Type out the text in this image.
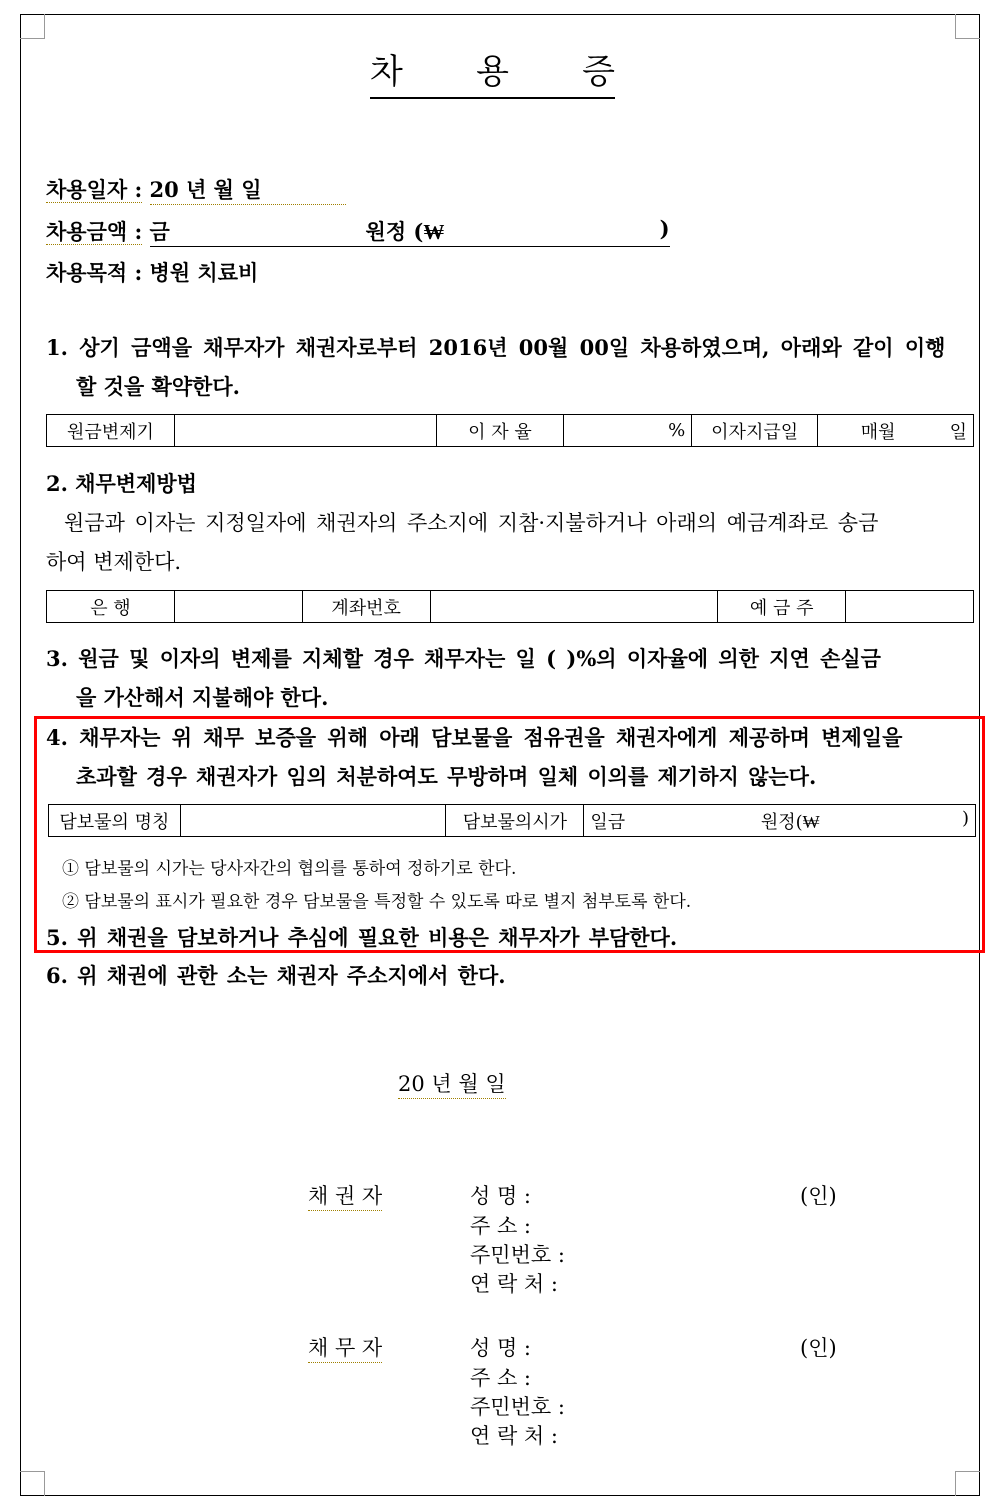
차 용 증
차용일자 : 20 년 월 일
차용금액 : 금	원정 (₩	)
차용목적 : 병원 치료비
1. 상기 금액을 채무자가 채권자로부터 2016년 00월 00일 차용하였으며, 아래와 같이 이행
할 것을 확약한다.
원금변제기		이 자 율	%	이자지급일	매월	일
2. 채무변제방법
원금과 이자는 지정일자에 채권자의 주소지에 지참·지불하거나 아래의 예금계좌로 송금
하여 변제한다.
은 행		계좌번호		예 금 주	
3. 원금 및 이자의 변제를 지체할 경우 채무자는 일 ( )%의 이자율에 의한 지연 손실금
을 가산해서 지불해야 한다.
4. 채무자는 위 채무 보증을 위해 아래 담보물을 점유권을 채권자에게 제공하며 변제일을
초과할 경우 채권자가 임의 처분하여도 무방하며 일체 이의를 제기하지 않는다.
담보물의 명칭		담보물의시가	일금	원정(₩	)
① 담보물의 시가는 당사자간의 협의를 통하여 정하기로 한다.
② 담보물의 표시가 필요한 경우 담보물을 특정할 수 있도록 따로 별지 첨부토록 한다.
5. 위 채권을 담보하거나 추심에 필요한 비용은 채무자가 부담한다.
6. 위 채권에 관한 소는 채권자 주소지에서 한다.
20 년 월 일
채 권 자	성 명 :	(인)
주 소 :
주민번호 :
연 락 처 :
채 무 자	성 명 :	(인)
주 소 :
주민번호 :
연 락 처 :
